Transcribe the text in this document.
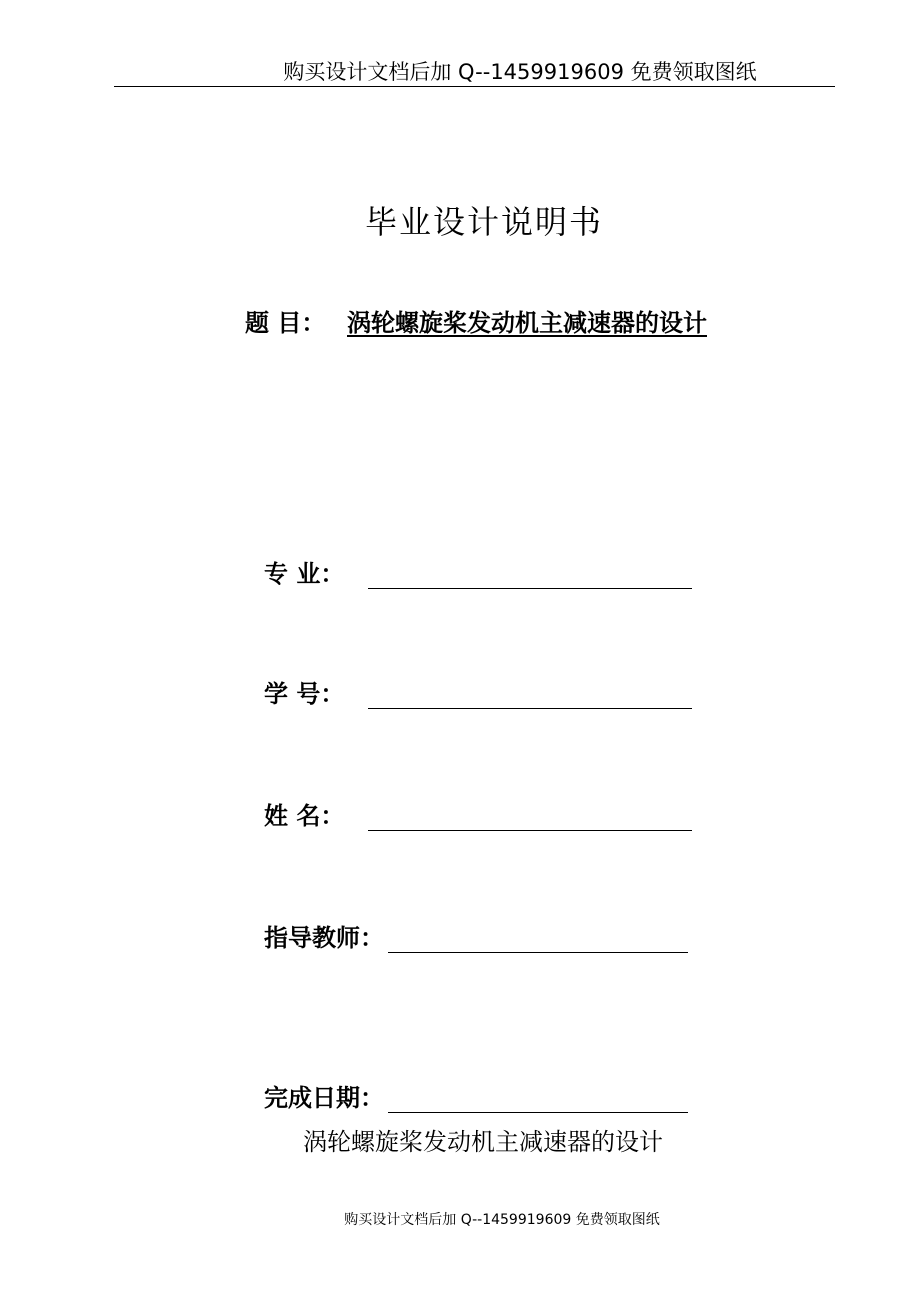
购买设计文档后加 Q--1459919609 免费领取图纸
毕业设计说明书
题 目： 涡轮螺旋桨发动机主减速器的设计
专 业：
学 号：
姓 名：
指导教师：
完成日期：
涡轮螺旋桨发动机主减速器的设计
购买设计文档后加 Q--1459919609 免费领取图纸
